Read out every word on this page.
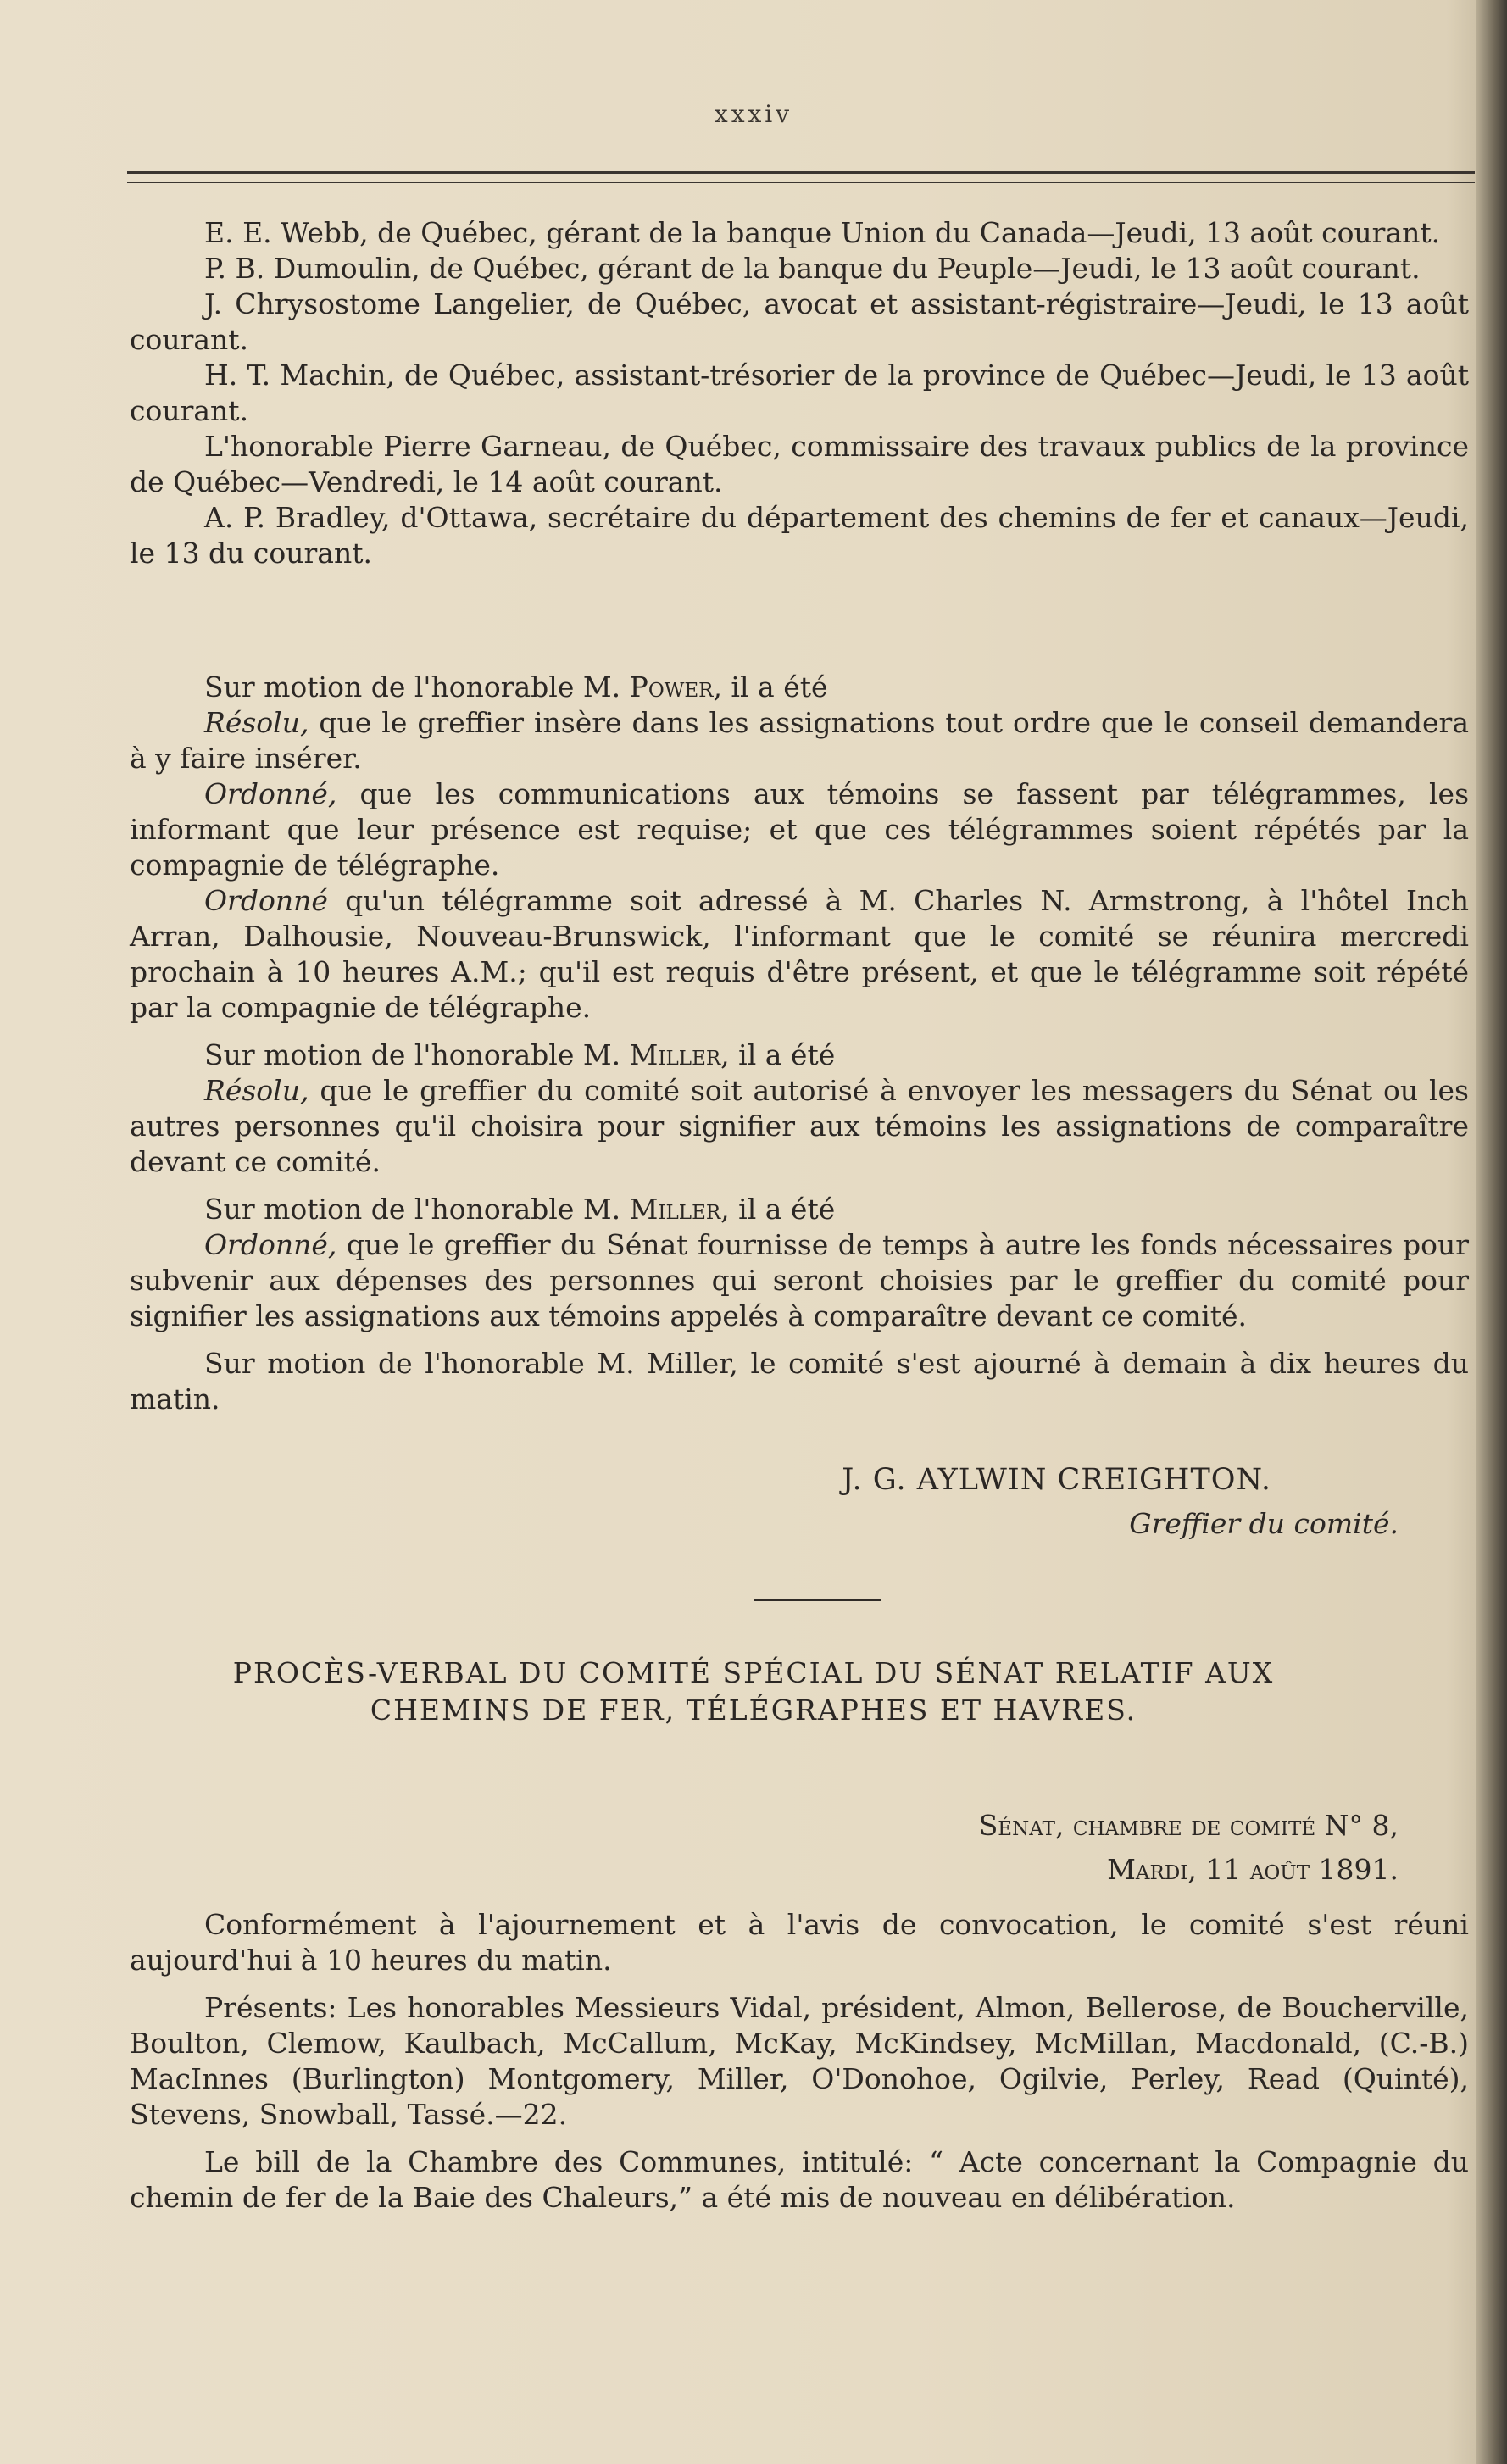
xxxiv

E. E. Webb, de Québec, gérant de la banque Union du Canada—Jeudi, 13 août courant.

P. B. Dumoulin, de Québec, gérant de la banque du Peuple—Jeudi, le 13 août courant.

J. Chrysostome Langelier, de Québec, avocat et assistant-régistraire—Jeudi, le 13 août courant.

H. T. Machin, de Québec, assistant-trésorier de la province de Québec—Jeudi, le 13 août courant.

L'honorable Pierre Garneau, de Québec, commissaire des travaux publics de la province de Québec—Vendredi, le 14 août courant.

A. P. Bradley, d'Ottawa, secrétaire du département des chemins de fer et canaux—Jeudi, le 13 du courant.

Sur motion de l'honorable M. Power, il a été

Résolu, que le greffier insère dans les assignations tout ordre que le conseil demandera à y faire insérer.

Ordonné, que les communications aux témoins se fassent par télégrammes, les informant que leur présence est requise; et que ces télégrammes soient répétés par la compagnie de télégraphe.

Ordonné qu'un télégramme soit adressé à M. Charles N. Armstrong, à l'hôtel Inch Arran, Dalhousie, Nouveau-Brunswick, l'informant que le comité se réunira mercredi prochain à 10 heures A.M.; qu'il est requis d'être présent, et que le télégramme soit répété par la compagnie de télégraphe.

Sur motion de l'honorable M. Miller, il a été

Résolu, que le greffier du comité soit autorisé à envoyer les messagers du Sénat ou les autres personnes qu'il choisira pour signifier aux témoins les assignations de comparaître devant ce comité.

Sur motion de l'honorable M. Miller, il a été

Ordonné, que le greffier du Sénat fournisse de temps à autre les fonds nécessaires pour subvenir aux dépenses des personnes qui seront choisies par le greffier du comité pour signifier les assignations aux témoins appelés à comparaître devant ce comité.

Sur motion de l'honorable M. Miller, le comité s'est ajourné à demain à dix heures du matin.

J. G. AYLWIN CREIGHTON.
Greffier du comité.
PROCÈS-VERBAL DU COMITÉ SPÉCIAL DU SÉNAT RELATIF AUX
CHEMINS DE FER, TÉLÉGRAPHES ET HAVRES.
Sénat, chambre de comité N° 8,
Mardi, 11 août 1891.

Conformément à l'ajournement et à l'avis de convocation, le comité s'est réuni aujourd'hui à 10 heures du matin.

Présents: Les honorables Messieurs Vidal, président, Almon, Bellerose, de Boucherville, Boulton, Clemow, Kaulbach, McCallum, McKay, McKindsey, McMillan, Macdonald, (C.-B.) MacInnes (Burlington) Montgomery, Miller, O'Donohoe, Ogilvie, Perley, Read (Quinté), Stevens, Snowball, Tassé.—22.

Le bill de la Chambre des Communes, intitulé: “ Acte concernant la Compagnie du chemin de fer de la Baie des Chaleurs,” a été mis de nouveau en délibération.
